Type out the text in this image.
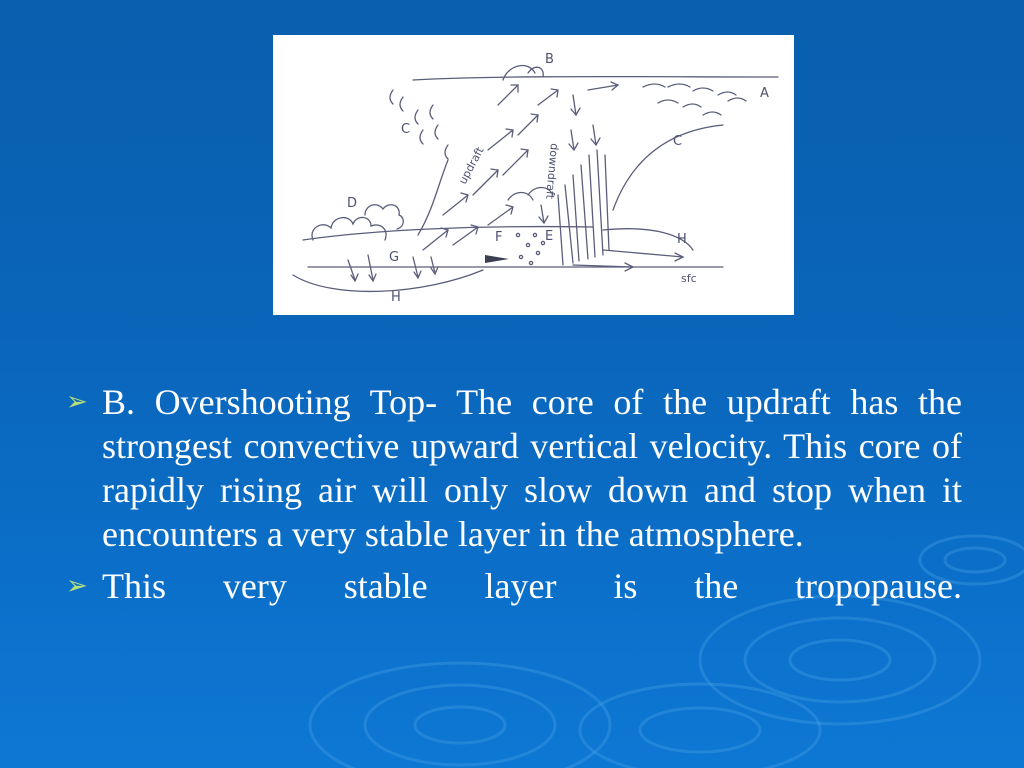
B
A
C
C
D
E
F
G
H
H
sfc
updraft	downdraft
➢ B. Overshooting Top- The core of the updraft has the strongest convective upward vertical velocity. This core of rapidly rising air will only slow down and stop when it encounters a very stable layer in the atmosphere.
➢ This very stable layer is the tropopause.
